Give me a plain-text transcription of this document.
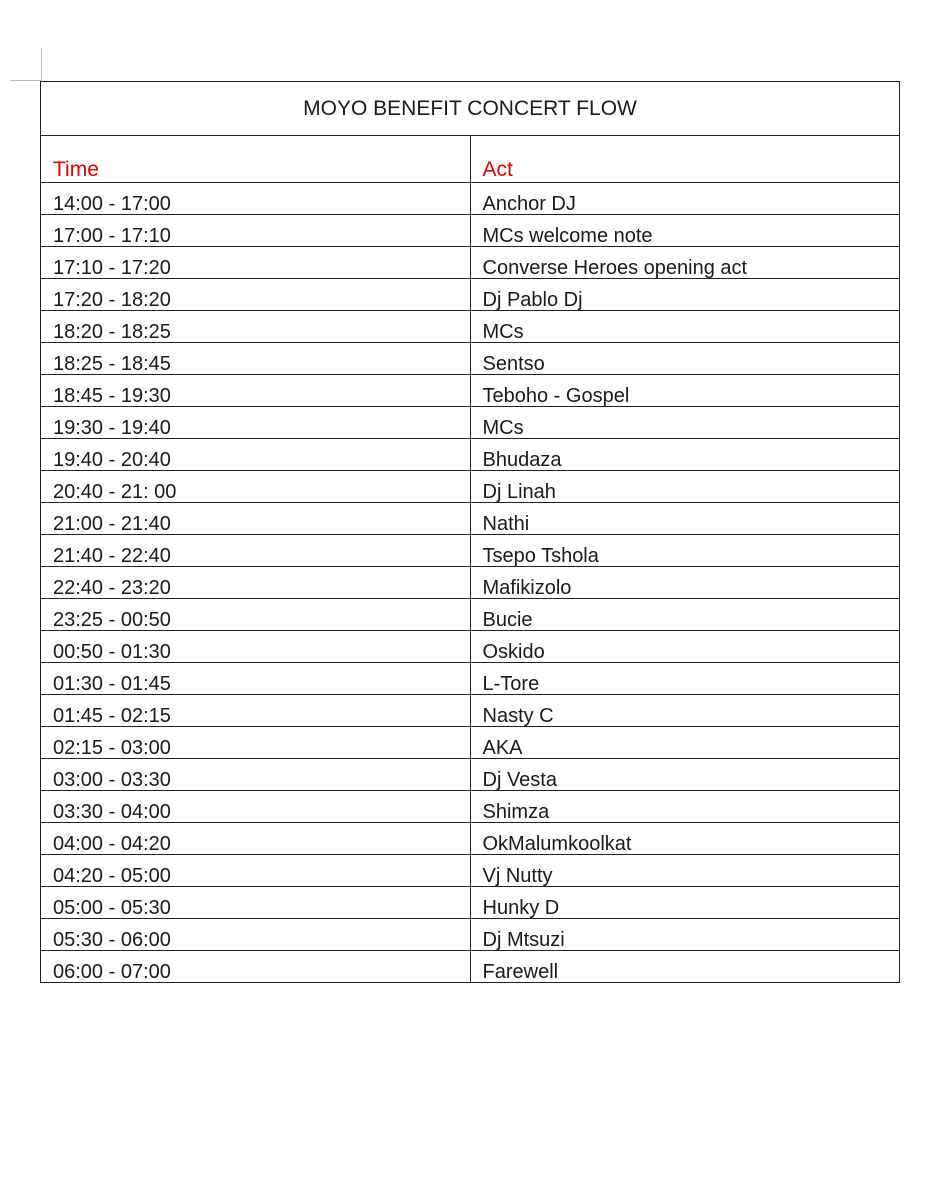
MOYO BENEFIT CONCERT FLOW	
Time	Act
14:00 - 17:00	Anchor DJ
17:00 - 17:10	MCs welcome note
17:10 - 17:20	Converse Heroes opening act
17:20 - 18:20	Dj Pablo Dj
18:20 - 18:25	MCs
18:25 - 18:45	Sentso
18:45 - 19:30	Teboho - Gospel
19:30 - 19:40	MCs
19:40 - 20:40	Bhudaza
20:40 - 21: 00	Dj Linah
21:00 - 21:40	Nathi
21:40 - 22:40	Tsepo Tshola
22:40 - 23:20	Mafikizolo
23:25 - 00:50	Bucie
00:50 - 01:30	Oskido
01:30 - 01:45	L-Tore
01:45 - 02:15	Nasty C
02:15 - 03:00	AKA
03:00 - 03:30	Dj Vesta
03:30 - 04:00	Shimza
04:00 - 04:20	OkMalumkoolkat
04:20 - 05:00	Vj Nutty
05:00 - 05:30	Hunky D
05:30 - 06:00	Dj Mtsuzi
06:00 - 07:00	Farewell
